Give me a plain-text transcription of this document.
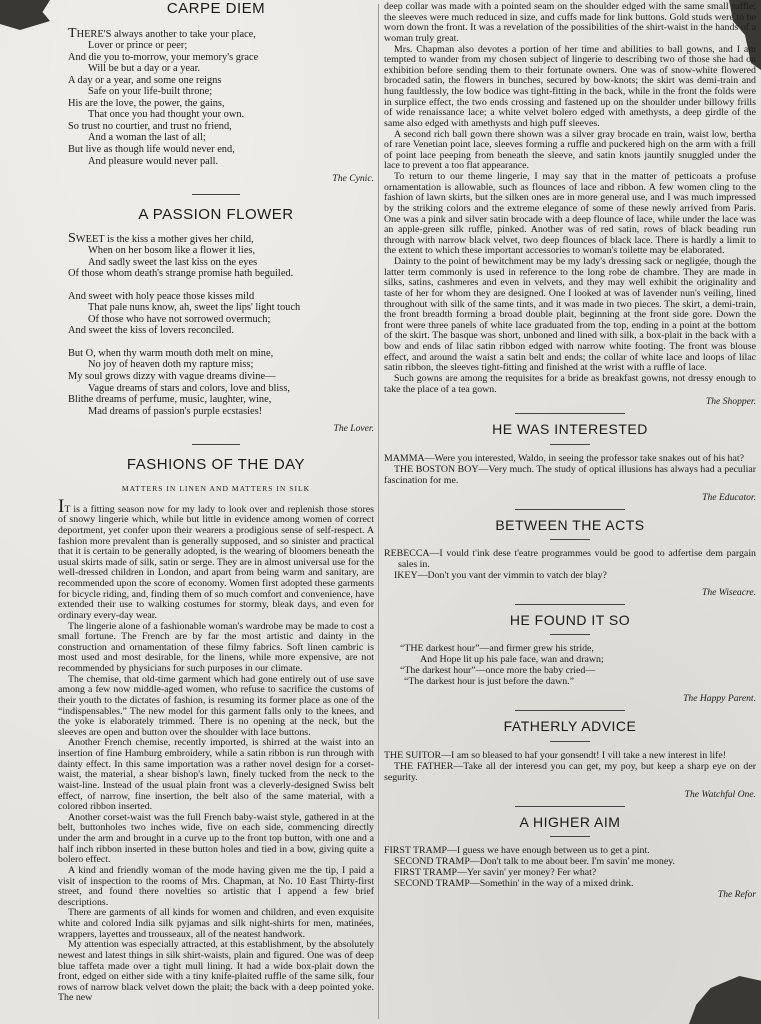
CARPE DIEM
THERE'S always another to take your place,
Lover or prince or peer;
And die you to-morrow, your memory's grace
Will be but a day or a year.
A day or a year, and some one reigns
Safe on your life-built throne;
His are the love, the power, the gains,
That once you had thought your own.
So trust no courtier, and trust no friend,
And a woman the last of all;
But live as though life would never end,
And pleasure would never pall.
The Cynic.
A PASSION FLOWER
SWEET is the kiss a mother gives her child,
When on her bosom like a flower it lies,
And sadly sweet the last kiss on the eyes
Of those whom death's strange promise hath beguiled.
And sweet with holy peace those kisses mild
That pale nuns know, ah, sweet the lips' light touch
Of those who have not sorrowed overmuch;
And sweet the kiss of lovers reconciled.
But O, when thy warm mouth doth melt on mine,
No joy of heaven doth my rapture miss;
My soul grows dizzy with vague dreams divine—
Vague dreams of stars and colors, love and bliss,
Blithe dreams of perfume, music, laughter, wine,
Mad dreams of passion's purple ecstasies!
The Lover.
FASHIONS OF THE DAY
MATTERS IN LINEN AND MATTERS IN SILK

IT is a fitting season now for my lady to look over and replenish those stores of snowy lingerie which, while but little in evidence among women of correct deportment, yet confer upon their wearers a prodigious sense of self-respect. A fashion more prevalent than is generally supposed, and so sinister and practical that it is certain to be generally adopted, is the wearing of bloomers beneath the usual skirts made of silk, satin or serge. They are in almost universal use for the well-dressed children in London, and apart from being warm and sanitary, are recommended upon the score of economy. Women first adopted these garments for bicycle riding, and, finding them of so much comfort and convenience, have extended their use to walking costumes for stormy, bleak days, and even for ordinary every-day wear.

The lingerie alone of a fashionable woman's wardrobe may be made to cost a small fortune. The French are by far the most artistic and dainty in the construction and ornamentation of these filmy fabrics. Soft linen cambric is most used and most desirable, for the linens, while more expensive, are not recommended by physicians for such purposes in our climate.

The chemise, that old-time garment which had gone entirely out of use save among a few now middle-aged women, who refuse to sacrifice the customs of their youth to the dictates of fashion, is resuming its former place as one of the “indispensables.” The new model for this garment falls only to the knees, and the yoke is elaborately trimmed. There is no opening at the neck, but the sleeves are open and button over the shoulder with lace buttons.

Another French chemise, recently imported, is shirred at the waist into an insertion of fine Hamburg embroidery, while a satin ribbon is run through with dainty effect. In this same importation was a rather novel design for a corset-waist, the material, a shear bishop's lawn, finely tucked from the neck to the waist-line. Instead of the usual plain front was a cleverly-designed Swiss belt effect, of narrow, fine insertion, the belt also of the same material, with a colored ribbon inserted.

Another corset-waist was the full French baby-waist style, gathered in at the belt, buttonholes two inches wide, five on each side, commencing directly under the arm and brought in a curve up to the front top button, with one and a half inch ribbon inserted in these button holes and tied in a bow, giving quite a bolero effect.

A kind and friendly woman of the mode having given me the tip, I paid a visit of inspection to the rooms of Mrs. Chapman, at No. 10 East Thirty-first street, and found there novelties so artistic that I append a few brief descriptions.

There are garments of all kinds for women and children, and even exquisite white and colored India silk pyjamas and silk night-shirts for men, matinées, wrappers, layettes and trousseaux, all of the neatest handwork.

My attention was especially attracted, at this establishment, by the absolutely newest and latest things in silk shirt-waists, plain and figured. One was of deep blue taffeta made over a tight mull lining. It had a wide box-plait down the front, edged on either side with a tiny knife-plaited ruffle of the same silk, four rows of narrow black velvet down the plait; the back with a deep pointed yoke. The new

deep collar was made with a pointed seam on the shoulder edged with the same small ruffle; the sleeves were much reduced in size, and cuffs made for link buttons. Gold studs were to be worn down the front. It was a revelation of the possibilities of the shirt-waist in the hands of a woman truly great.

Mrs. Chapman also devotes a portion of her time and abilities to ball gowns, and I am tempted to wander from my chosen subject of lingerie to describing two of those she had on exhibition before sending them to their fortunate owners. One was of snow-white flowered brocaded satin, the flowers in bunches, secured by bow-knots; the skirt was demi-train and hung faultlessly, the low bodice was tight-fitting in the back, while in the front the folds were in surplice effect, the two ends crossing and fastened up on the shoulder under billowy frills of wide renaissance lace; a white velvet bolero edged with amethysts, a deep girdle of the same also edged with amethysts and high puff sleeves.

A second rich ball gown there shown was a silver gray brocade en train, waist low, bertha of rare Venetian point lace, sleeves forming a ruffle and puckered high on the arm with a frill of point lace peeping from beneath the sleeve, and satin knots jauntily snuggled under the lace to prevent a too flat appearance.

To return to our theme lingerie, I may say that in the matter of petticoats a profuse ornamentation is allowable, such as flounces of lace and ribbon. A few women cling to the fashion of lawn skirts, but the silken ones are in more general use, and I was much impressed by the striking colors and the extreme elegance of some of these newly arrived from Paris. One was a pink and silver satin brocade with a deep flounce of lace, while under the lace was an apple-green silk ruffle, pinked. Another was of red satin, rows of black beading run through with narrow black velvet, two deep flounces of black lace. There is hardly a limit to the extent to which these important accessories to woman's toilette may be elaborated.

Dainty to the point of bewitchment may be my lady's dressing sack or negligée, though the latter term commonly is used in reference to the long robe de chambre. They are made in silks, satins, cashmeres and even in velvets, and they may well exhibit the originality and taste of her for whom they are designed. One I looked at was of lavender nun's veiling, lined throughout with silk of the same tints, and it was made in two pieces. The skirt, a demi-train, the front breadth forming a broad double plait, beginning at the front side gore. Down the front were three panels of white lace graduated from the top, ending in a point at the bottom of the skirt. The basque was short, unboned and lined with silk, a box-plait in the back with a bow and ends of lilac satin ribbon edged with narrow white footing. The front was blouse effect, and around the waist a satin belt and ends; the collar of white lace and loops of lilac satin ribbon, the sleeves tight-fitting and finished at the wrist with a ruffle of lace.

Such gowns are among the requisites for a bride as breakfast gowns, not dressy enough to take the place of a tea gown.

The Shopper.
HE WAS INTERESTED

MAMMA—Were you interested, Waldo, in seeing the professor take snakes out of his hat?

THE BOSTON BOY—Very much. The study of optical illusions has always had a peculiar fascination for me.

The Educator.
BETWEEN THE ACTS

REBECCA—I vould t'ink dese t'eatre programmes vould be good to adfertise dem pargain sales in.

IKEY—Don't you vant der vimmin to vatch der blay?

The Wiseacre.
HE FOUND IT SO
“THE darkest hour”—and firmer grew his stride,
And Hope lit up his pale face, wan and drawn;
“The darkest hour”—once more the baby cried—
“The darkest hour is just before the dawn.”
The Happy Parent.
FATHERLY ADVICE

THE SUITOR—I am so bleased to haf your gonsendt! I vill take a new interest in life!

THE FATHER—Take all der interesd you can get, my poy, but keep a sharp eye on der segurity.

The Watchful One.
A HIGHER AIM

FIRST TRAMP—I guess we have enough between us to get a pint.

SECOND TRAMP—Don't talk to me about beer. I'm savin' me money.

FIRST TRAMP—Yer savin' yer money? Fer what?

SECOND TRAMP—Somethin' in the way of a mixed drink.

The Refor
